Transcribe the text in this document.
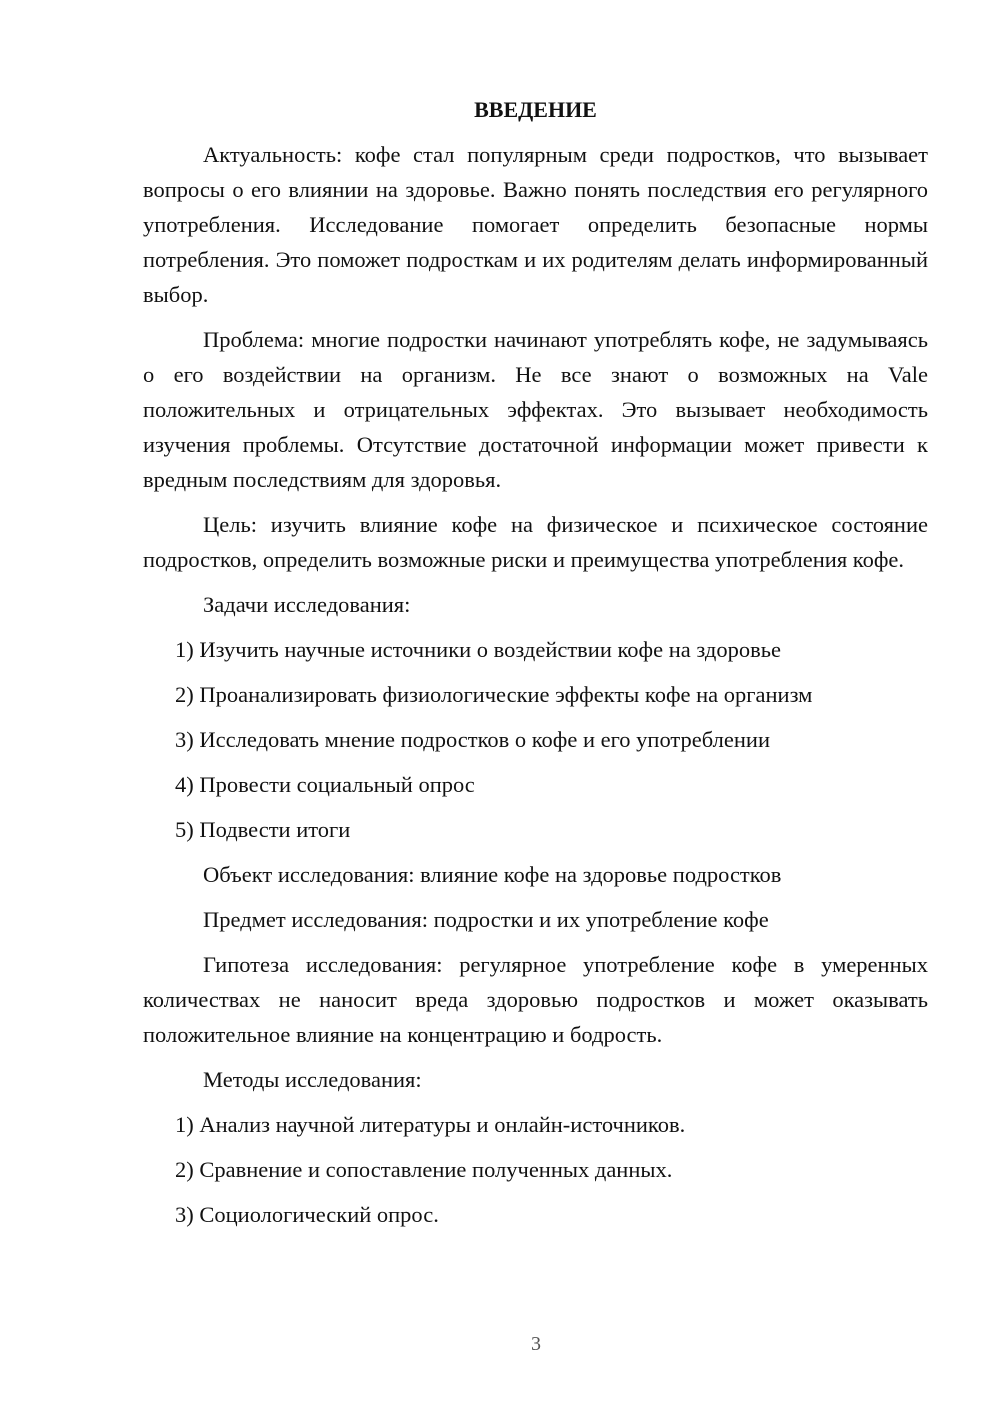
ВВЕДЕНИЕ

Актуальность: кофе стал популярным среди подростков, что вызывает вопросы о его влиянии на здоровье. Важно понять последствия его регулярного употребления. Исследование помогает определить безопасные нормы потребления. Это поможет подросткам и их родителям делать информированный выбор.

Проблема: многие подростки начинают употреблять кофе, не задумываясь о его воздействии на организм. Не все знают о возможных на Vale положительных и отрицательных эффектах. Это вызывает необходимость изучения проблемы. Отсутствие достаточной информации может привести к вредным последствиям для здоровья.

Цель: изучить влияние кофе на физическое и психическое состояние подростков, определить возможные риски и преимущества употребления кофе.

Задачи исследования:
1) Изучить научные источники о воздействии кофе на здоровье
2) Проанализировать физиологические эффекты кофе на организм
3) Исследовать мнение подростков о кофе и его употреблении
4) Провести социальный опрос
5) Подвести итоги
Объект исследования: влияние кофе на здоровье подростков
Предмет исследования: подростки и их употребление кофе

Гипотеза исследования: регулярное употребление кофе в умеренных количествах не наносит вреда здоровью подростков и может оказывать положительное влияние на концентрацию и бодрость.

Методы исследования:
1) Анализ научной литературы и онлайн-источников.
2) Сравнение и сопоставление полученных данных.
3) Социологический опрос.
3
